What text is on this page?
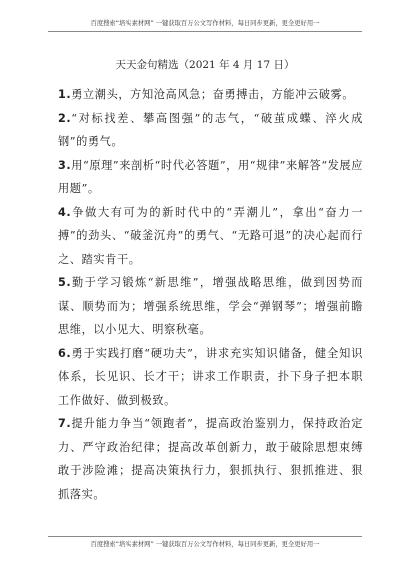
百度搜索“培实素材网” 一键获取百万公文写作材料，每日同步更新，更全更好用一
天天金句精选（2021 年 4 月 17 日）

1.勇立潮头，方知沧高风急；奋勇搏击，方能冲云破雾。

2.“对标找差、攀高图强”的志气，“破茧成蝶、淬火成钢”的勇气。

3.用“原理”来剖析“时代必答题”，用“规律”来解答“发展应用题”。

4.争做大有可为的新时代中的“弄潮儿”，拿出“奋力一搏”的劲头、“破釜沉舟”的勇气、“无路可退”的决心起而行之、踏实肯干。

5.勤于学习锻炼“新思维”，增强战略思维，做到因势而谋、顺势而为；增强系统思维，学会“弹钢琴”；增强前瞻思维，以小见大、明察秋毫。

6.勇于实践打磨“硬功夫”，讲求充实知识储备，健全知识体系，长见识、长才干；讲求工作职责，扑下身子把本职工作做好、做到极致。

7.提升能力争当“领跑者”，提高政治鉴别力，保持政治定力、严守政治纪律；提高改革创新力，敢于破除思想束缚敢于涉险滩；提高决策执行力，狠抓执行、狠抓推进、狠抓落实。

百度搜索“培实素材网” 一键获取百万公文写作材料，每日同步更新，更全更好用一
